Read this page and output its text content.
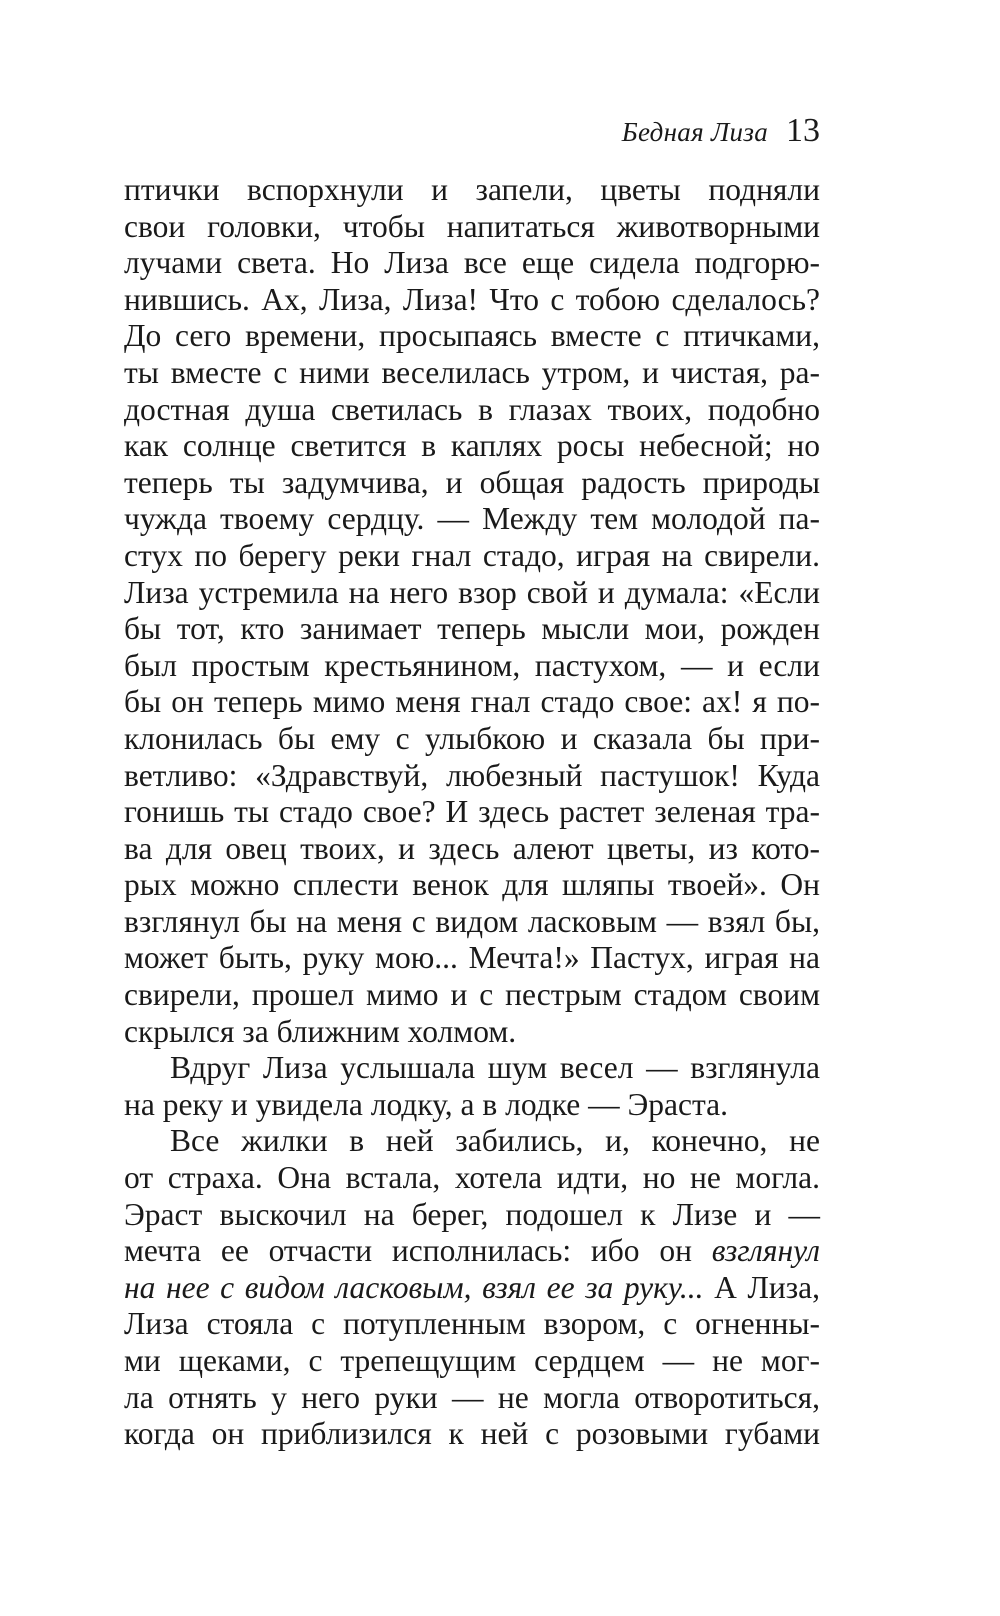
Бедная Лиза 13
птички вспорхнули и запели, цветы подняли
свои головки, чтобы напитаться животворными
лучами света. Но Лиза все еще сидела подгорю-
нившись. Ах, Лиза, Лиза! Что с тобою сделалось?
До сего времени, просыпаясь вместе с птичками,
ты вместе с ними веселилась утром, и чистая, ра-
достная душа светилась в глазах твоих, подобно
как солнце светится в каплях росы небесной; но
теперь ты задумчива, и общая радость природы
чужда твоему сердцу. — Между тем молодой па-
стух по берегу реки гнал стадо, играя на свирели.
Лиза устремила на него взор свой и думала: «Если
бы тот, кто занимает теперь мысли мои, рожден
был простым крестьянином, пастухом, — и если
бы он теперь мимо меня гнал стадо свое: ах! я по-
клонилась бы ему с улыбкою и сказала бы при-
ветливо: «Здравствуй, любезный пастушок! Куда
гонишь ты стадо свое? И здесь растет зеленая тра-
ва для овец твоих, и здесь алеют цветы, из кото-
рых можно сплести венок для шляпы твоей». Он
взглянул бы на меня с видом ласковым — взял бы,
может быть, руку мою... Мечта!» Пастух, играя на
свирели, прошел мимо и с пестрым стадом своим
скрылся за ближним холмом.
Вдруг Лиза услышала шум весел — взглянула
на реку и увидела лодку, а в лодке — Эраста.
Все жилки в ней забились, и, конечно, не
от страха. Она встала, хотела идти, но не могла.
Эраст выскочил на берег, подошел к Лизе и —
мечта ее отчасти исполнилась: ибо он взглянул
на нее с видом ласковым, взял ее за руку... А Лиза,
Лиза стояла с потупленным взором, с огненны-
ми щеками, с трепещущим сердцем — не мог-
ла отнять у него руки — не могла отворотиться,
когда он приблизился к ней с розовыми губами
